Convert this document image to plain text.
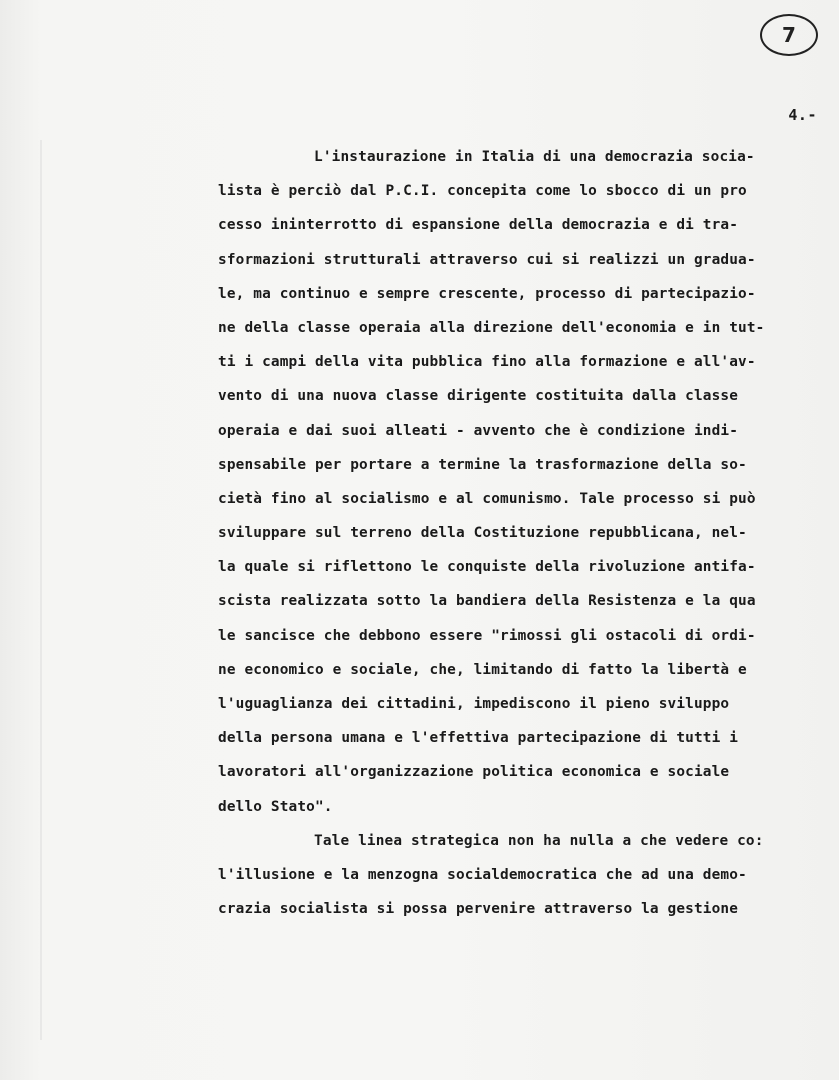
7
4.-
L'instaurazione in Italia di una democrazia socia-
lista è perciò dal P.C.I. concepita come lo sbocco di un pro
cesso ininterrotto di espansione della democrazia e di tra-
sformazioni strutturali attraverso cui si realizzi un gradua-
le, ma continuo e sempre crescente, processo di partecipazio-
ne della classe operaia alla direzione dell'economia e in tut-
ti i campi della vita pubblica fino alla formazione e all'av-
vento di una nuova classe dirigente costituita dalla classe
operaia e dai suoi alleati - avvento che è condizione indi-
spensabile per portare a termine la trasformazione della so-
cietà fino al socialismo e al comunismo. Tale processo si può
sviluppare sul terreno della Costituzione repubblicana, nel-
la quale si riflettono le conquiste della rivoluzione antifa-
scista realizzata sotto la bandiera della Resistenza e la qua
le sancisce che debbono essere "rimossi gli ostacoli di ordi-
ne economico e sociale, che, limitando di fatto la libertà e
l'uguaglianza dei cittadini, impediscono il pieno sviluppo
della persona umana e l'effettiva partecipazione di tutti i
lavoratori all'organizzazione politica economica e sociale
dello Stato".
Tale linea strategica non ha nulla a che vedere co:
l'illusione e la menzogna socialdemocratica che ad una demo-
crazia socialista si possa pervenire attraverso la gestione
